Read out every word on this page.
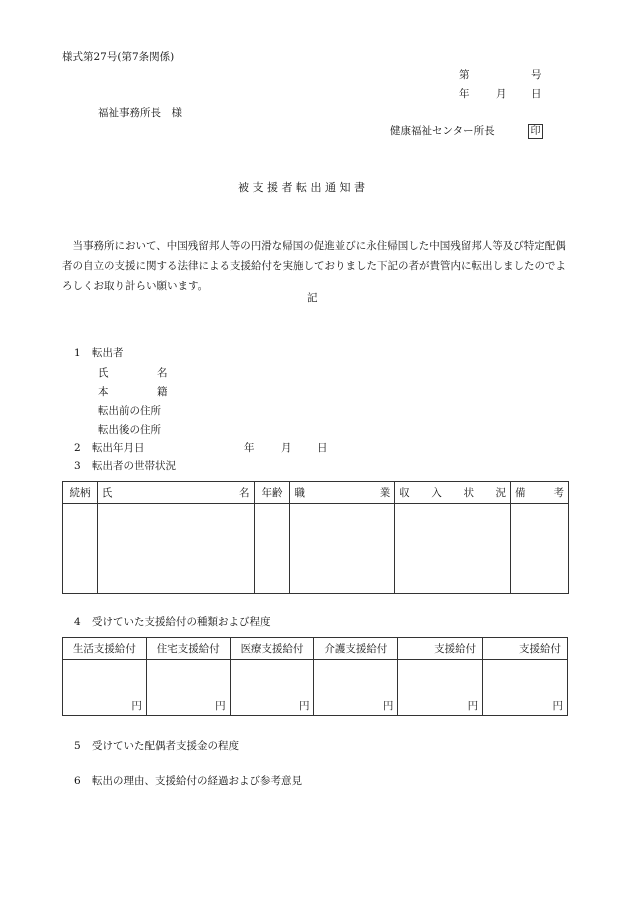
様式第27号(第7条関係)
第	号
年	月 日
福祉事務所長　様
健康福祉センター所長	印
被 支 援 者 転 出 通 知 書
　当事務所において、中国残留邦人等の円滑な帰国の促進並びに永住帰国した中国残留邦人等及び特定配偶者の自立の支援に関する法律による支援給付を実施しておりました下記の者が貴管内に転出しましたのでよろしくお取り計らい願います。
記
1 転出者
氏	名
本	籍
転出前の住所
転出後の住所
2 転出年月日	年	月 日
3 転出者の世帯状況
続柄	氏 名	年齢	職 業	収 入 状 況	備 考

4 受けていた支援給付の種類および程度
生活支援給付	住宅支援給付	医療支援給付	介護支援給付	支援給付	支援給付
円	円	円	円	円	円
5 受けていた配偶者支援金の程度
6 転出の理由、支援給付の経過および参考意見
